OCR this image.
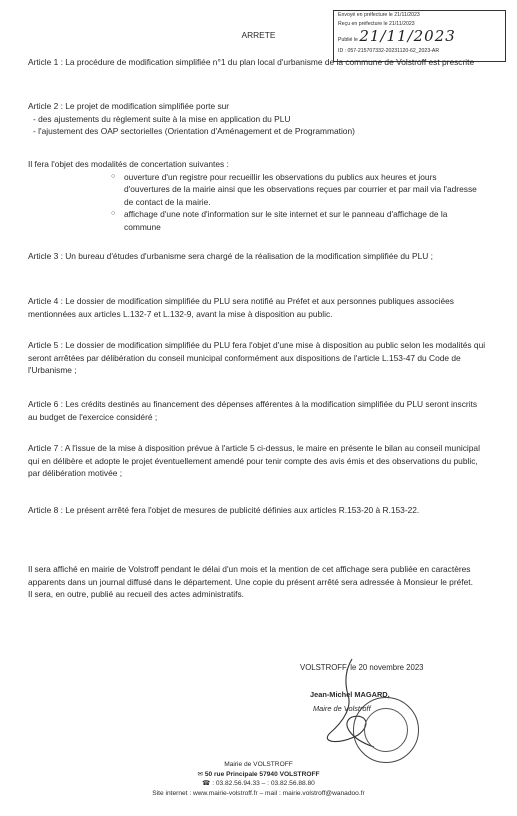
Envoyé en préfecture le 21/11/2023
Reçu en préfecture le 21/11/2023
Publié le 21/11/2023
ID : 057-215707332-20231120-62_2023-AR
ARRETE
Article 1 : La procédure de modification simplifiée n°1 du plan local d'urbanisme de la commune de Volstroff est prescrite
Article 2 : Le projet de modification simplifiée porte sur
- des ajustements du règlement suite à la mise en application du PLU
- l'ajustement des OAP sectorielles (Orientation d'Aménagement et de Programmation)
Il fera l'objet des modalités de concertation suivantes :
○ ouverture d'un registre pour recueillir les observations du publics aux heures et jours d'ouvertures de la mairie ainsi que les observations reçues par courrier et par mail via l'adresse de contact de la mairie.
○ affichage d'une note d'information sur le site internet et sur le panneau d'affichage de la commune
Article 3 : Un bureau d'études d'urbanisme sera chargé de la réalisation de la modification simplifiée du PLU ;
Article 4 : Le dossier de modification simplifiée du PLU sera notifié au Préfet et aux personnes publiques associées mentionnées aux articles L.132-7 et L.132-9, avant la mise à disposition au public.
Article 5 : Le dossier de modification simplifiée du PLU fera l'objet d'une mise à disposition au public selon les modalités qui seront arrêtées par délibération du conseil municipal conformément aux dispositions de l'article L.153-47 du Code de l'Urbanisme ;
Article 6 : Les crédits destinés au financement des dépenses afférentes à la modification simplifiée du PLU seront inscrits au budget de l'exercice considéré ;
Article 7 : A l'issue de la mise à disposition prévue à l'article 5 ci-dessus, le maire en présente le bilan au conseil municipal qui en délibère et adopte le projet éventuellement amendé pour tenir compte des avis émis et des observations du public, par délibération motivée ;
Article 8 : Le présent arrêté fera l'objet de mesures de publicité définies aux articles R.153-20 à R.153-22.
Il sera affiché en mairie de Volstroff pendant le délai d'un mois et la mention de cet affichage sera publiée en caractères apparents dans un journal diffusé dans le département. Une copie du présent arrêté sera adressée à Monsieur le préfet.
Il sera, en outre, publié au recueil des actes administratifs.
VOLSTROFF, le 20 novembre 2023
Jean-Michel MAGARD,
Maire de Volstroff
Mairie de VOLSTROFF
✉ 50 rue Principale 57940 VOLSTROFF
☎ : 03.82.56.94.33 – : 03.82.56.88.80
Site internet : www.mairie-volstroff.fr – mail : mairie.volstroff@wanadoo.fr
